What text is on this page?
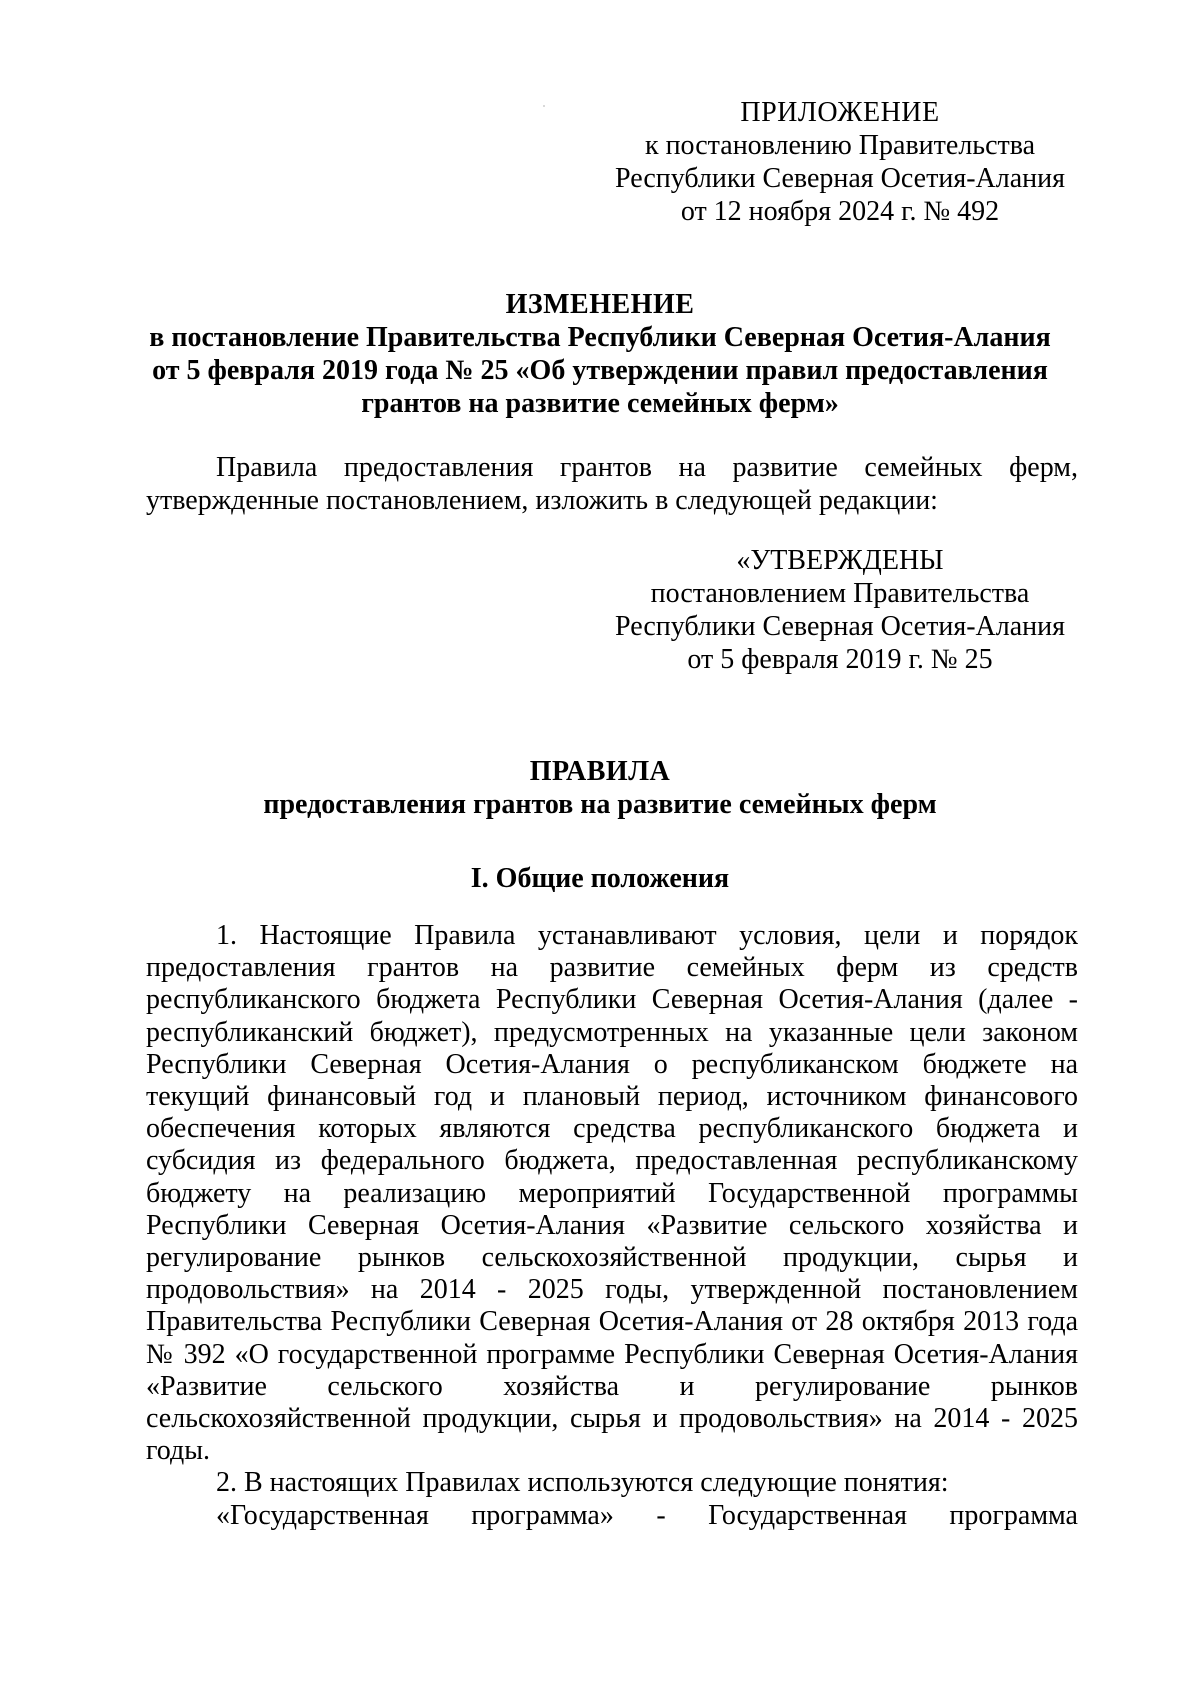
ПРИЛОЖЕНИЕ
к постановлению Правительства
Республики Северная Осетия-Алания
от 12 ноября 2024 г. № 492
ИЗМЕНЕНИЕ
в постановление Правительства Республики Северная Осетия-Алания
от 5 февраля 2019 года № 25 «Об утверждении правил предоставления
грантов на развитие семейных ферм»
Правила предоставления грантов на развитие семейных ферм, утвержденные постановлением, изложить в следующей редакции:
«УТВЕРЖДЕНЫ
постановлением Правительства
Республики Северная Осетия-Алания
от 5 февраля 2019 г. № 25
ПРАВИЛА
предоставления грантов на развитие семейных ферм
I. Общие положения

1. Настоящие Правила устанавливают условия, цели и порядок предоставления грантов на развитие семейных ферм из средств республиканского бюджета Республики Северная Осетия-Алания (далее - республиканский бюджет), предусмотренных на указанные цели законом Республики Северная Осетия-Алания о республиканском бюджете на текущий финансовый год и плановый период, источником финансового обеспечения которых являются средства республиканского бюджета и субсидия из федерального бюджета, предоставленная республиканскому бюджету на реализацию мероприятий Государственной программы Республики Северная Осетия-Алания «Развитие сельского хозяйства и регулирование рынков сельскохозяйственной продукции, сырья и продовольствия» на 2014 - 2025 годы, утвержденной постановлением Правительства Республики Северная Осетия-Алания от 28 октября 2013 года № 392 «О государственной программе Республики Северная Осетия-Алания «Развитие сельского хозяйства и регулирование рынков сельскохозяйственной продукции, сырья и продовольствия» на 2014 - 2025 годы.

2. В настоящих Правилах используются следующие понятия:

«Государственная программа» - Государственная программа
